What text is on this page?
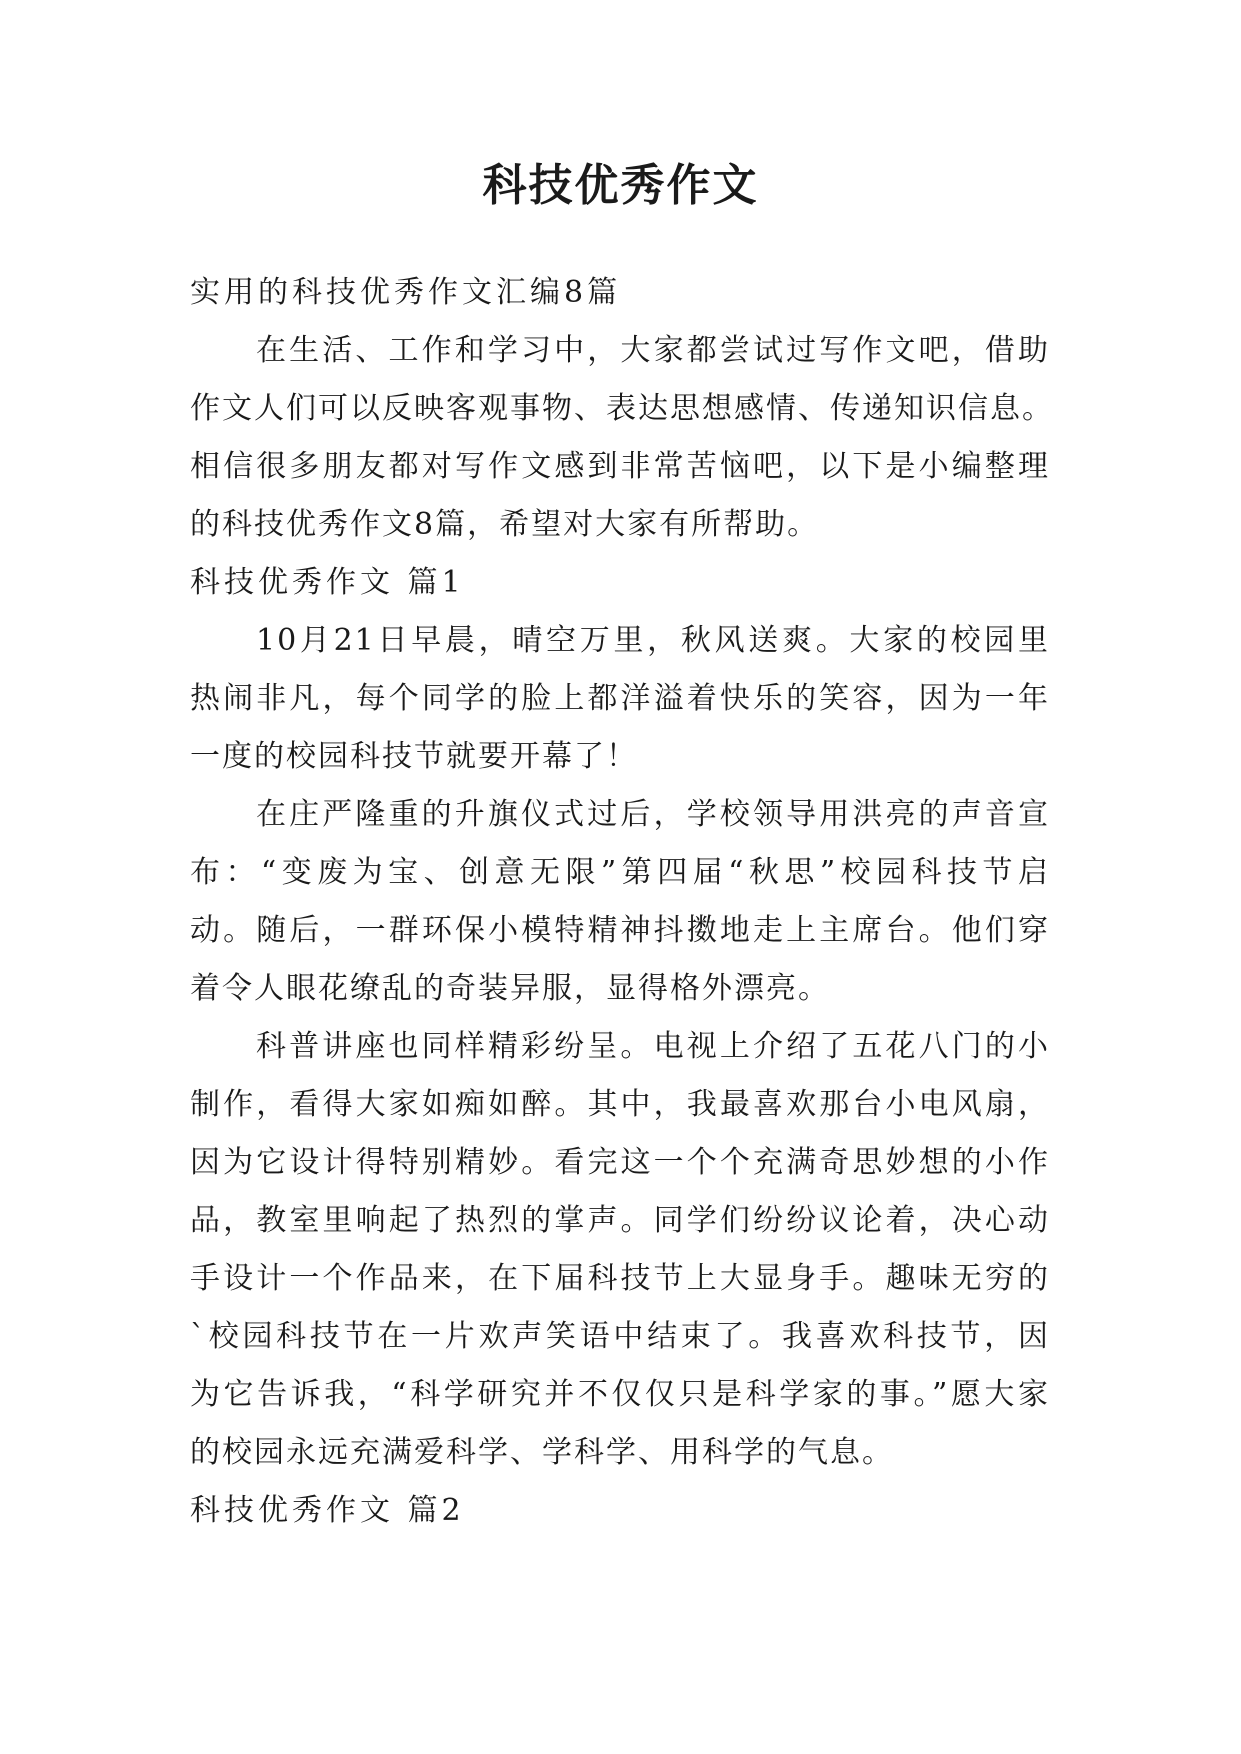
科技优秀作文
实用的科技优秀作文汇编8篇
在生活、工作和学习中，大家都尝试过写作文吧，借助
作文人们可以反映客观事物、表达思想感情、传递知识信息。
相信很多朋友都对写作文感到非常苦恼吧，以下是小编整理
的科技优秀作文8篇，希望对大家有所帮助。
科技优秀作文 篇1
10月21日早晨，晴空万里，秋风送爽。大家的校园里
热闹非凡，每个同学的脸上都洋溢着快乐的笑容，因为一年
一度的校园科技节就要开幕了！
在庄严隆重的升旗仪式过后，学校领导用洪亮的声音宣
布：“变废为宝、创意无限”第四届“秋思”校园科技节启
动。随后，一群环保小模特精神抖擞地走上主席台。他们穿
着令人眼花缭乱的奇装异服，显得格外漂亮。
科普讲座也同样精彩纷呈。电视上介绍了五花八门的小
制作，看得大家如痴如醉。其中，我最喜欢那台小电风扇，
因为它设计得特别精妙。看完这一个个充满奇思妙想的小作
品，教室里响起了热烈的掌声。同学们纷纷议论着，决心动
手设计一个作品来，在下届科技节上大显身手。趣味无穷的
`校园科技节在一片欢声笑语中结束了。我喜欢科技节，因
为它告诉我，“科学研究并不仅仅只是科学家的事。”愿大家
的校园永远充满爱科学、学科学、用科学的气息。
科技优秀作文 篇2
